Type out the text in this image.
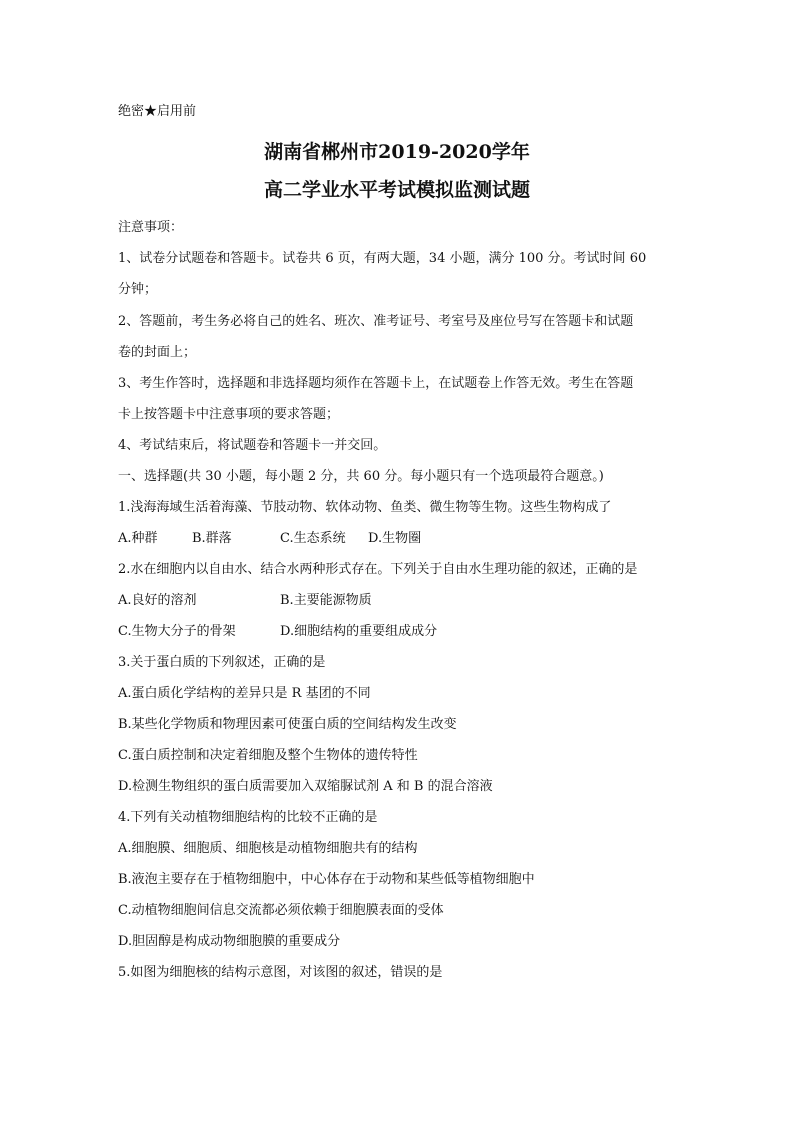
绝密★启用前
湖南省郴州市2019-2020学年
高二学业水平考试模拟监测试题
注意事项：
1、试卷分试题卷和答题卡。试卷共 6 页，有两大题，34 小题，满分 100 分。考试时间 60
分钟；
2、答题前，考生务必将自己的姓名、班次、准考证号、考室号及座位号写在答题卡和试题
卷的封面上；
3、考生作答时，选择题和非选择题均须作在答题卡上，在试题卷上作答无效。考生在答题
卡上按答题卡中注意事项的要求答题；
4、考试结束后，将试题卷和答题卡一并交回。
一、选择题(共 30 小题，每小题 2 分，共 60 分。每小题只有一个选项最符合题意。)
1.浅海海域生活着海藻、节肢动物、软体动物、鱼类、微生物等生物。这些生物构成了
A.种群	B.群落	C.生态系统 D.生物圈
2.水在细胞内以自由水、结合水两种形式存在。下列关于自由水生理功能的叙述，正确的是
A.良好的溶剂	B.主要能源物质
C.生物大分子的骨架	D.细胞结构的重要组成成分
3.关于蛋白质的下列叙述，正确的是
A.蛋白质化学结构的差异只是 R 基团的不同
B.某些化学物质和物理因素可使蛋白质的空间结构发生改变
C.蛋白质控制和决定着细胞及整个生物体的遗传特性
D.检测生物组织的蛋白质需要加入双缩脲试剂 A 和 B 的混合溶液
4.下列有关动植物细胞结构的比较不正确的是
A.细胞膜、细胞质、细胞核是动植物细胞共有的结构
B.液泡主要存在于植物细胞中，中心体存在于动物和某些低等植物细胞中
C.动植物细胞间信息交流都必须依赖于细胞膜表面的受体
D.胆固醇是构成动物细胞膜的重要成分
5.如图为细胞核的结构示意图，对该图的叙述，错误的是
